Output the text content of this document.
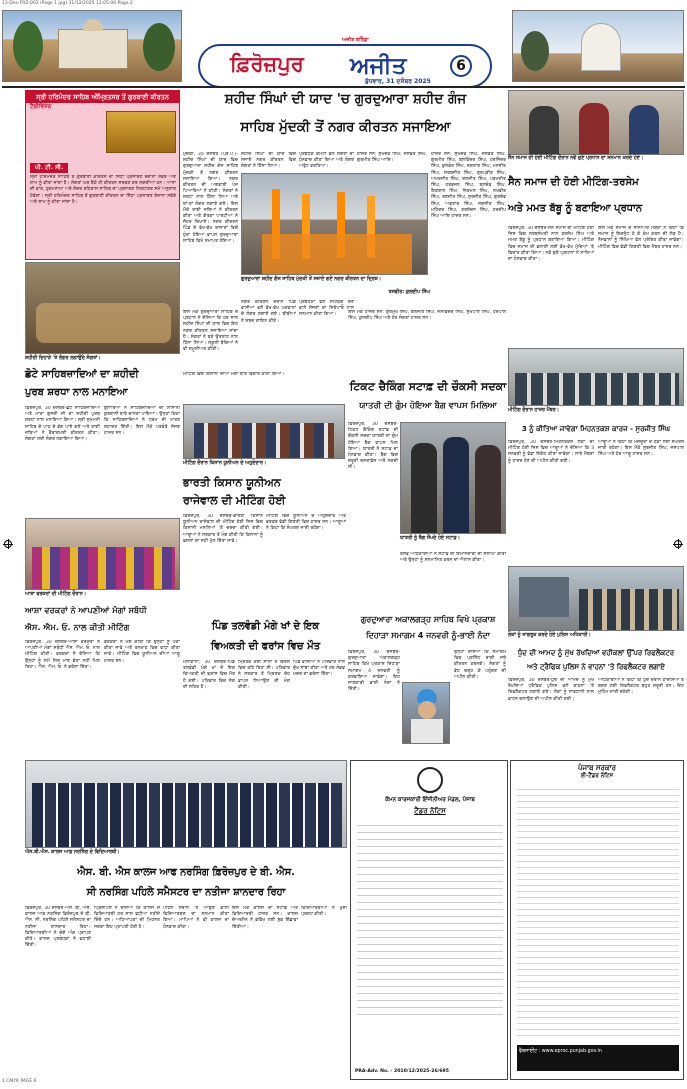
13-Dec-FRZ-003 (Page 1 jpg) 31/12/2025 12:05:00 Page 2
ਫ਼ਿਰੋਜ਼ਪੁਰ ਅਜੀਤ
ਅਜੀਤ ਬਠਿੰਡਾ
ਬੁੱਧਵਾਰ, 31 ਦਸੰਬਰ 2025
6
ਸ੍ਰੀ ਹਰਿਮੰਦਰ ਸਾਹਿਬ ਅੰਮ੍ਰਿਤਸਰ ਤੋਂ ਗੁਰਬਾਣੀ ਕੀਰਤਨ
ਟੈਲੀਵਿਜ਼ਨ
ਪੀ. ਟੀ. ਸੀ.
ਸ੍ਰੀ ਹਰਿਮੰਦਰ ਸਾਹਿਬ ਤੋਂ ਗੁਰਬਾਣੀ ਕੀਰਤਨ ਦਾ ਸਿੱਧਾ ਪ੍ਰਸਾਰਣ ਰੋਜ਼ਾਨਾ ਸਵੇਰੇ ਅਤੇ ਸ਼ਾਮ ਨੂੰ ਕੀਤਾ ਜਾਂਦਾ ਹੈ। ਸੰਗਤਾਂ ਘਰ ਬੈਠੇ ਹੀ ਕੀਰਤਨ ਸਰਵਣ ਕਰ ਸਕਦੀਆਂ ਹਨ। ਆਸਾ ਦੀ ਵਾਰ, ਹੁਕਮਨਾਮਾ ਅਤੇ ਸੋਦਰ ਰਹਿਰਾਸ ਸਾਹਿਬ ਦਾ ਪ੍ਰਸਾਰਣ ਨਿਰਧਾਰਤ ਸਮੇਂ ਅਨੁਸਾਰ ਹੋਵੇਗਾ। ਸ੍ਰੀ ਹਰਿਮੰਦਰ ਸਾਹਿਬ ਤੋਂ ਗੁਰਬਾਣੀ ਕੀਰਤਨ ਦਾ ਸਿੱਧਾ ਪ੍ਰਸਾਰਣ ਰੋਜ਼ਾਨਾ ਸਵੇਰੇ ਅਤੇ ਸ਼ਾਮ ਨੂੰ ਕੀਤਾ ਜਾਂਦਾ ਹੈ।
ਸ਼ਹੀਦ ਸਿੰਘਾਂ ਦੀ ਯਾਦ 'ਚ ਗੁਰਦੁਆਰਾ ਸ਼ਹੀਦ ਗੰਜ
ਸਾਹਿਬ ਮੁੱਦਕੀ ਤੋਂ ਨਗਰ ਕੀਰਤਨ ਸਜਾਇਆ
ਮੁੱਦਕੀ, 30 ਦਸੰਬਰ (ਪ੍ਰ.ਪ.)-ਸ਼ਹੀਦ ਸਿੰਘਾਂ ਦੀ ਯਾਦ ਵਿਚ ਗੁਰਦੁਆਰਾ ਸ਼ਹੀਦ ਗੰਜ ਸਾਹਿਬ ਮੁੱਦਕੀ ਤੋਂ ਨਗਰ ਕੀਰਤਨ ਸਜਾਇਆ ਗਿਆ। ਨਗਰ ਕੀਰਤਨ ਦੀ ਅਗਵਾਈ ਪੰਜ ਪਿਆਰਿਆਂ ਨੇ ਕੀਤੀ। ਸੰਗਤਾਂ ਨੇ ਸ਼ਰਧਾ ਨਾਲ ਹਿੱਸਾ ਲਿਆ ਅਤੇ ਥਾਂ-ਥਾਂ ਲੰਗਰ ਲਗਾਏ ਗਏ। ਇਸ ਮੌਕੇ ਰਾਗੀ ਜਥਿਆਂ ਨੇ ਕੀਰਤਨ ਕੀਤਾ ਅਤੇ ਗੱਤਕਾ ਪਾਰਟੀਆਂ ਨੇ ਜੌਹਰ ਦਿਖਾਏ। ਨਗਰ ਕੀਰਤਨ ਪਿੰਡ ਦੇ ਵੱਖ-ਵੱਖ ਬਾਜ਼ਾਰਾਂ ਵਿਚੋਂ ਹੁੰਦਾ ਹੋਇਆ ਵਾਪਸ ਗੁਰਦੁਆਰਾ ਸਾਹਿਬ ਵਿਖੇ ਸਮਾਪਤ ਹੋਇਆ।
ਸ਼ਹੀਦ ਸਿੰਘਾਂ ਦੀ ਯਾਦ ਵਿਚ ਸਜਾਏ ਨਗਰ ਕੀਰਤਨ ਵਿਚ ਸੰਗਤਾਂ ਨੇ ਹਿੱਸਾ ਲਿਆ।
ਪ੍ਰਬੰਧਕ ਕਮੇਟੀ ਵਲੋਂ ਸੰਗਤਾਂ ਦਾ ਧੰਨਵਾਦ ਕੀਤਾ ਗਿਆ ਅਤੇ ਲੰਗਰ ਅਤੁੱਟ ਵਰਤਿਆ।
ਗੁਰਦੁਆਰਾ ਸ਼ਹੀਦ ਗੰਜ ਸਾਹਿਬ ਮੁੱਦਕੀ ਤੋਂ ਸਜਾਏ ਗਏ ਨਗਰ ਕੀਰਤਨ ਦਾ ਦ੍ਰਿਸ਼।
ਤਸਵੀਰ: ਕੁਲਦੀਪ ਸਿੰਘ
ਇਸ ਮੌਕੇ ਗੁਰਦੁਆਰਾ ਸਾਹਿਬ ਦੇ ਪ੍ਰਧਾਨ ਨੇ ਦੱਸਿਆ ਕਿ ਹਰ ਸਾਲ ਸ਼ਹੀਦ ਸਿੰਘਾਂ ਦੀ ਯਾਦ ਵਿਚ ਇਹ ਨਗਰ ਕੀਰਤਨ ਸਜਾਇਆ ਜਾਂਦਾ ਹੈ। ਸੰਗਤਾਂ ਨੇ ਬੜੇ ਉਤਸ਼ਾਹ ਨਾਲ ਹਿੱਸਾ ਲਿਆ। ਸਕੂਲੀ ਬੱਚਿਆਂ ਨੇ ਵੀ ਸ਼ਮੂਲੀਅਤ ਕੀਤੀ।
ਨਗਰ ਕੀਰਤਨ ਦੌਰਾਨ ਪਿੰਡ ਵਾਸੀਆਂ ਵਲੋਂ ਵੱਖ-ਵੱਖ ਪਕਵਾਨਾਂ ਦੇ ਲੰਗਰ ਲਗਾਏ ਗਏ। ਬੀਬੀਆਂ ਨੇ ਸ਼ਬਦ ਗਾਇਨ ਕੀਤੇ।
ਪ੍ਰਬੰਧਕਾਂ ਵਲੋਂ ਸਹਿਯੋਗ ਦੇਣ ਵਾਲੇ ਸੱਜਣਾਂ ਦਾ ਸਿਰੋਪਾਓ ਨਾਲ ਸਨਮਾਨ ਕੀਤਾ ਗਿਆ।
ਹਾਜ਼ਰ ਸਨ: ਸੁਖਦੇਵ ਸਿੰਘ, ਜਸਵੰਤ ਸਿੰਘ, ਗੁਰਮੀਤ ਸਿੰਘ ਆਦਿ।
ਹਾਜ਼ਰ ਸਨ: ਸੁਖਦੇਵ ਸਿੰਘ, ਜਸਵੰਤ ਸਿੰਘ, ਗੁਰਮੀਤ ਸਿੰਘ, ਬਲਵਿੰਦਰ ਸਿੰਘ, ਹਰਜਿੰਦਰ ਸਿੰਘ, ਕੁਲਵੰਤ ਸਿੰਘ, ਜਗਤਾਰ ਸਿੰਘ, ਮਨਜੀਤ ਸਿੰਘ, ਸਰਬਜੀਤ ਸਿੰਘ, ਗੁਰਪ੍ਰੀਤ ਸਿੰਘ, ਅਮਰਜੀਤ ਸਿੰਘ, ਦਲਜੀਤ ਸਿੰਘ, ਪਰਮਜੀਤ ਸਿੰਘ, ਹਰਭਜਨ ਸਿੰਘ, ਬਲਦੇਵ ਸਿੰਘ, ਇਕਬਾਲ ਸਿੰਘ, ਨਿਰਮਲ ਸਿੰਘ, ਲਖਵੀਰ ਸਿੰਘ, ਰਣਜੀਤ ਸਿੰਘ, ਸੁਰਜੀਤ ਸਿੰਘ, ਗੁਰਦੇਵ ਸਿੰਘ, ਅਵਤਾਰ ਸਿੰਘ, ਜਗਜੀਤ ਸਿੰਘ, ਮਹਿੰਦਰ ਸਿੰਘ, ਤਰਲੋਚਨ ਸਿੰਘ, ਹਰਦੀਪ ਸਿੰਘ ਆਦਿ ਹਾਜ਼ਰ ਸਨ।
ਸੈਨ ਸਮਾਜ ਦੀ ਹੋਈ ਮੀਟਿੰਗ ਦੌਰਾਨ ਨਵੇਂ ਚੁਣੇ ਪ੍ਰਧਾਨ ਦਾ ਸਨਮਾਨ ਕਰਦੇ ਹੋਏ।
ਸੈਨ ਸਮਾਜ ਦੀ ਹੋਈ ਮੀਟਿੰਗ-ਤਰਸੇਮ
ਅਤੇ ਮਮਤ ਬੱਬੂ ਨੂੰ ਬਣਾਇਆ ਪ੍ਰਧਾਨ
ਫ਼ਿਰੋਜ਼ਪੁਰ, 30 ਦਸੰਬਰ-ਸੈਨ ਸਮਾਜ ਦੀ ਮੀਟਿੰਗ ਹੋਈ ਜਿਸ ਵਿਚ ਸਰਬਸੰਮਤੀ ਨਾਲ ਤਰਸੇਮ ਸਿੰਘ ਅਤੇ ਮਮਤ ਬੱਬੂ ਨੂੰ ਪ੍ਰਧਾਨ ਬਣਾਇਆ ਗਿਆ। ਮੀਟਿੰਗ ਵਿਚ ਸਮਾਜ ਦੀ ਭਲਾਈ ਲਈ ਵੱਖ-ਵੱਖ ਮੁੱਦਿਆਂ 'ਤੇ ਵਿਚਾਰ ਕੀਤਾ ਗਿਆ। ਨਵੇਂ ਚੁਣੇ ਪ੍ਰਧਾਨਾਂ ਨੇ ਸਾਰਿਆਂ ਦਾ ਧੰਨਵਾਦ ਕੀਤਾ।
ਇਸ ਮੌਕੇ ਸਮਾਜ ਦੇ ਸੀਨੀਅਰ ਮੈਂਬਰਾਂ ਨੇ ਕਿਹਾ ਕਿ ਸਮਾਜ ਨੂੰ ਇਕਜੁੱਟ ਹੋ ਕੇ ਕੰਮ ਕਰਨ ਦੀ ਲੋੜ ਹੈ। ਨੌਜਵਾਨਾਂ ਨੂੰ ਸਿੱਖਿਆ ਵੱਲ ਪ੍ਰੇਰਿਤ ਕੀਤਾ ਜਾਵੇਗਾ। ਮੀਟਿੰਗ ਵਿਚ ਵੱਡੀ ਗਿਣਤੀ ਵਿਚ ਮੈਂਬਰ ਹਾਜ਼ਰ ਸਨ।
ਸ਼ਹੀਦੀ ਦਿਹਾੜੇ 'ਤੇ ਲੰਗਰ ਲਗਾਉਂਦੇ ਸੰਗਤਾਂ।
ਛੋਟੇ ਸਾਹਿਬਜ਼ਾਦਿਆਂ ਦਾ ਸ਼ਹੀਦੀ
ਪੁਰਬ ਸ਼ਰਧਾ ਨਾਲ ਮਨਾਇਆ
ਫ਼ਿਰੋਜ਼ਪੁਰ, 30 ਦਸੰਬਰ-ਛੋਟੇ ਸਾਹਿਬਜ਼ਾਦਿਆਂ ਅਤੇ ਮਾਤਾ ਗੁਜਰੀ ਜੀ ਦਾ ਸ਼ਹੀਦੀ ਪੁਰਬ ਸ਼ਰਧਾ ਨਾਲ ਮਨਾਇਆ ਗਿਆ। ਸ੍ਰੀ ਸੁਖਮਨੀ ਸਾਹਿਬ ਦੇ ਪਾਠ ਦੇ ਭੋਗ ਪਾਏ ਗਏ ਅਤੇ ਰਾਗੀ ਜਥਿਆਂ ਨੇ ਵੈਰਾਗਮਈ ਕੀਰਤਨ ਕੀਤਾ। ਸੰਗਤਾਂ ਲਈ ਲੰਗਰ ਲਗਾਇਆ ਗਿਆ।
ਬੁਲਾਰਿਆਂ ਨੇ ਸਾਹਿਬਜ਼ਾਦਿਆਂ ਦੀ ਲਾਸਾਨੀ ਕੁਰਬਾਨੀ ਬਾਰੇ ਚਾਨਣਾ ਪਾਇਆ। ਉਨ੍ਹਾਂ ਕਿਹਾ ਕਿ ਸਾਹਿਬਜ਼ਾਦਿਆਂ ਨੇ ਧਰਮ ਦੀ ਖਾਤਰ ਸ਼ਹਾਦਤ ਦਿੱਤੀ। ਇਸ ਮੌਕੇ ਪਤਵੰਤੇ ਸੱਜਣ ਹਾਜ਼ਰ ਸਨ।
ਮੀਟਿੰਗ ਵਿਚ ਕਿਸਾਨਾਂ ਦੀਆਂ ਮੰਗਾਂ ਬਾਰੇ ਵਿਚਾਰ ਕੀਤਾ ਗਿਆ।
ਮੀਟਿੰਗ ਦੌਰਾਨ ਕਿਸਾਨ ਯੂਨੀਅਨ ਦੇ ਅਹੁਦੇਦਾਰ।
ਭਾਰਤੀ ਕਿਸਾਨ ਯੂਨੀਅਨ
ਰਾਜੇਵਾਲ ਦੀ ਮੀਟਿੰਗ ਹੋਈ
ਫ਼ਿਰੋਜ਼ਪੁਰ, 30 ਦਸੰਬਰ-ਭਾਰਤੀ ਕਿਸਾਨ ਯੂਨੀਅਨ ਰਾਜੇਵਾਲ ਦੀ ਮੀਟਿੰਗ ਹੋਈ ਜਿਸ ਵਿਚ ਕਿਸਾਨੀ ਮਸਲਿਆਂ 'ਤੇ ਚਰਚਾ ਕੀਤੀ ਗਈ। ਆਗੂਆਂ ਨੇ ਸਰਕਾਰ ਤੋਂ ਮੰਗ ਕੀਤੀ ਕਿ ਕਿਸਾਨਾਂ ਨੂੰ ਫ਼ਸਲਾਂ ਦਾ ਸਹੀ ਮੁੱਲ ਦਿੱਤਾ ਜਾਵੇ।
ਮੀਟਿੰਗ ਵਿਚ ਯੂਨੀਅਨ ਦੇ ਅਹੁਦੇਦਾਰ ਅਤੇ ਵਰਕਰ ਵੱਡੀ ਗਿਣਤੀ ਵਿਚ ਹਾਜ਼ਰ ਸਨ। ਆਗੂਆਂ ਨੇ ਕਿਹਾ ਕਿ ਸੰਘਰਸ਼ ਜਾਰੀ ਰਹੇਗਾ।
ਇਸ ਮੌਕੇ ਹਾਜ਼ਰ ਸਨ: ਗੁਰਮੁੱਖ ਸਿੰਘ, ਬਲਜੀਤ ਸਿੰਘ, ਜਸਵਿੰਦਰ ਸਿੰਘ, ਸੁਖਪਾਲ ਸਿੰਘ, ਹਰਪਾਲ ਸਿੰਘ, ਕੁਲਦੀਪ ਸਿੰਘ ਅਤੇ ਹੋਰ ਸੰਗਤਾਂ ਹਾਜ਼ਰ ਸਨ।
ਟਿਕਟ ਚੈਕਿੰਗ ਸਟਾਫ਼ ਦੀ ਚੌਕਸੀ ਸਦਕਾ
ਯਾਤਰੀ ਦੀ ਗੁੰਮ ਹੋਇਆ ਬੈਗ ਵਾਪਸ ਮਿਲਿਆ
ਫ਼ਿਰੋਜ਼ਪੁਰ, 30 ਦਸੰਬਰ-ਟਿਕਟ ਚੈਕਿੰਗ ਸਟਾਫ਼ ਦੀ ਚੌਕਸੀ ਸਦਕਾ ਯਾਤਰੀ ਦਾ ਗੁੰਮ ਹੋਇਆ ਬੈਗ ਵਾਪਸ ਮਿਲ ਗਿਆ। ਯਾਤਰੀ ਨੇ ਸਟਾਫ਼ ਦਾ ਧੰਨਵਾਦ ਕੀਤਾ। ਬੈਗ ਵਿਚ ਜ਼ਰੂਰੀ ਦਸਤਾਵੇਜ਼ ਅਤੇ ਨਕਦੀ ਸੀ।
ਯਾਤਰੀ ਨੂੰ ਬੈਗ ਸੌਂਪਦੇ ਹੋਏ ਸਟਾਫ਼।
ਰੇਲਵੇ ਅਧਿਕਾਰੀਆਂ ਨੇ ਸਟਾਫ਼ ਦੀ ਇਮਾਨਦਾਰੀ ਦੀ ਸ਼ਲਾਘਾ ਕੀਤੀ ਅਤੇ ਉਨ੍ਹਾਂ ਨੂੰ ਸਨਮਾਨਿਤ ਕਰਨ ਦਾ ਐਲਾਨ ਕੀਤਾ।
ਮੀਟਿੰਗ ਦੌਰਾਨ ਹਾਜ਼ਰ ਮੈਂਬਰ।
3 ਨੂੰ ਕੀਤਿਆ ਜਾਵੇਗਾ ਮਿਹਨਤਕਸ਼ ਕਾਰਜ - ਸੁਰਜੀਤ ਸਿੰਘ
ਫ਼ਿਰੋਜ਼ਪੁਰ, 30 ਦਸੰਬਰ-ਮਿਹਨਤਕਸ਼ ਲੋਕਾਂ ਦੀ ਮੀਟਿੰਗ ਹੋਈ ਜਿਸ ਵਿਚ ਆਗੂਆਂ ਨੇ ਦੱਸਿਆ ਕਿ 3 ਜਨਵਰੀ ਨੂੰ ਵੱਡਾ ਇਕੱਠ ਕੀਤਾ ਜਾਵੇਗਾ। ਸਾਰੇ ਮੈਂਬਰਾਂ ਨੂੰ ਹਾਜ਼ਰ ਹੋਣ ਦੀ ਅਪੀਲ ਕੀਤੀ ਗਈ।
ਆਗੂਆਂ ਨੇ ਕਿਹਾ ਕਿ ਮਜ਼ਦੂਰਾਂ ਦੇ ਹੱਕਾਂ ਲਈ ਸੰਘਰਸ਼ ਜਾਰੀ ਰਹੇਗਾ। ਇਸ ਮੌਕੇ ਸੁਰਜੀਤ ਸਿੰਘ, ਜਸਪਾਲ ਸਿੰਘ ਅਤੇ ਹੋਰ ਆਗੂ ਹਾਜ਼ਰ ਸਨ।
ਆਸ਼ਾ ਵਰਕਰਾਂ ਦੀ ਮੀਟਿੰਗ ਦੌਰਾਨ।
ਆਸ਼ਾ ਵਰਕਰਾਂ ਨੇ ਆਪਣੀਆਂ ਮੰਗਾਂ ਸਬੰਧੀ
ਐਸ. ਐਮ. ਓ. ਨਾਲ ਕੀਤੀ ਮੀਟਿੰਗ
ਫ਼ਿਰੋਜ਼ਪੁਰ, 30 ਦਸੰਬਰ-ਆਸ਼ਾ ਵਰਕਰਾਂ ਨੇ ਆਪਣੀਆਂ ਮੰਗਾਂ ਸਬੰਧੀ ਐਸ. ਐਮ. ਓ. ਨਾਲ ਮੀਟਿੰਗ ਕੀਤੀ। ਵਰਕਰਾਂ ਨੇ ਦੱਸਿਆ ਕਿ ਉਨ੍ਹਾਂ ਨੂੰ ਸਮੇਂ ਸਿਰ ਮਾਣ ਭੱਤਾ ਨਹੀਂ ਮਿਲ ਰਿਹਾ। ਐਸ. ਐਮ. ਓ. ਨੇ ਭਰੋਸਾ ਦਿੱਤਾ।
ਵਰਕਰਾਂ ਨੇ ਮੰਗ ਕੀਤੀ ਕਿ ਉਨ੍ਹਾਂ ਨੂੰ ਪੱਕਾ ਕੀਤਾ ਜਾਵੇ ਅਤੇ ਤਨਖ਼ਾਹ ਵਿਚ ਵਾਧਾ ਕੀਤਾ ਜਾਵੇ। ਮੀਟਿੰਗ ਵਿਚ ਯੂਨੀਅਨ ਦੀਆਂ ਆਗੂ ਹਾਜ਼ਰ ਸਨ।
ਪਿੰਡ ਤਲਵੰਡੀ ਮੰਗੇ ਖਾਂ ਦੇ ਇਕ
ਵਿਅਕਤੀ ਦੀ ਫਰਾਂਸ ਵਿਚ ਮੌਤ
ਮੱਲਾਂਵਾਲਾ, 30 ਦਸੰਬਰ-ਪਿੰਡ ਤਲਵੰਡੀ ਮੰਗੇ ਖਾਂ ਦੇ ਇਕ ਵਿਅਕਤੀ ਦੀ ਫਰਾਂਸ ਵਿਚ ਮੌਤ ਹੋ ਗਈ। ਪਰਿਵਾਰ ਵਿਚ ਸੋਗ ਦੀ ਲਹਿਰ ਹੈ।
ਮ੍ਰਿਤਕ ਕਈ ਸਾਲਾਂ ਤੋਂ ਵਿਦੇਸ਼ ਵਿਚ ਰਹਿ ਰਿਹਾ ਸੀ। ਪਰਿਵਾਰ ਨੇ ਸਰਕਾਰ ਤੋਂ ਮ੍ਰਿਤਕ ਦੇਹ ਵਾਪਸ ਲਿਆਉਣ ਦੀ ਮੰਗ ਕੀਤੀ।
ਪਿੰਡ ਵਾਸੀਆਂ ਨੇ ਪਰਿਵਾਰ ਨਾਲ ਦੁੱਖ ਸਾਂਝਾ ਕੀਤਾ ਅਤੇ ਹਰ ਸੰਭਵ ਮਦਦ ਦਾ ਭਰੋਸਾ ਦਿੱਤਾ।
ਗੁਰਦੁਆਰਾ ਅਕਾਲਗੜ੍ਹ ਸਾਹਿਬ ਵਿਖੇ ਪ੍ਰਕਾਸ਼
ਦਿਹਾੜਾ ਸਮਾਗਮ 4 ਜਨਵਰੀ ਨੂੰ-ਭਾਈ ਨੰਦਾ
ਫ਼ਿਰੋਜ਼ਪੁਰ, 30 ਦਸੰਬਰ-ਗੁਰਦੁਆਰਾ ਅਕਾਲਗੜ੍ਹ ਸਾਹਿਬ ਵਿਖੇ ਪ੍ਰਕਾਸ਼ ਦਿਹਾੜਾ ਸਮਾਗਮ 4 ਜਨਵਰੀ ਨੂੰ ਕਰਵਾਇਆ ਜਾਵੇਗਾ। ਇਹ ਜਾਣਕਾਰੀ ਭਾਈ ਨੰਦਾ ਨੇ ਦਿੱਤੀ।
ਉਨ੍ਹਾਂ ਦੱਸਿਆ ਕਿ ਸਮਾਗਮ ਵਿਚ ਪ੍ਰਸਿੱਧ ਰਾਗੀ ਜਥੇ ਕੀਰਤਨ ਕਰਨਗੇ। ਸੰਗਤਾਂ ਨੂੰ ਵੱਧ ਚੜ੍ਹ ਕੇ ਪਹੁੰਚਣ ਦੀ ਅਪੀਲ ਕੀਤੀ।
ਲੋਕਾਂ ਨੂੰ ਜਾਗਰੂਕ ਕਰਦੇ ਹੋਏ ਪੁਲਿਸ ਅਧਿਕਾਰੀ।
ਧੁੰਦ ਦੀ ਆਮਦ ਨੂੰ ਮੁੱਖ ਰੱਖਦਿਆਂ ਵਹੀਕਲਾਂ ਉੱਪਰ ਰਿਫਲੈਕਟਰ
ਅਤੇ ਟ੍ਰੈਫਿਕ ਪੁਲਿਸ ਨੇ ਵਾਹਨਾਂ 'ਤੇ ਰਿਫਲੈਕਟਰ ਲਗਾਏ
ਫ਼ਿਰੋਜ਼ਪੁਰ, 30 ਦਸੰਬਰ-ਧੁੰਦ ਦੀ ਆਮਦ ਨੂੰ ਮੁੱਖ ਰੱਖਦਿਆਂ ਟ੍ਰੈਫਿਕ ਪੁਲਿਸ ਵਲੋਂ ਵਾਹਨਾਂ 'ਤੇ ਰਿਫਲੈਕਟਰ ਲਗਾਏ ਗਏ। ਲੋਕਾਂ ਨੂੰ ਸਾਵਧਾਨੀ ਨਾਲ ਵਾਹਨ ਚਲਾਉਣ ਦੀ ਅਪੀਲ ਕੀਤੀ ਗਈ।
ਅਧਿਕਾਰੀਆਂ ਨੇ ਕਿਹਾ ਕਿ ਧੁੰਦ ਦੌਰਾਨ ਹਾਦਸਿਆਂ ਤੋਂ ਬਚਣ ਲਈ ਰਿਫਲੈਕਟਰ ਬਹੁਤ ਜ਼ਰੂਰੀ ਹਨ। ਇਹ ਮੁਹਿੰਮ ਜਾਰੀ ਰਹੇਗੀ।
ਐਸ.ਬੀ.ਐਸ. ਕਾਲਜ ਆਫ਼ ਨਰਸਿੰਗ ਦੇ ਵਿਦਿਆਰਥੀ।
ਐਸ. ਬੀ. ਐਸ ਕਾਲਜ ਆਫ ਨਰਸਿੰਗ ਫ਼ਿਰੋਜ਼ਪੁਰ ਦੇ ਬੀ. ਐਸ.
ਸੀ ਨਰਸਿੰਗ ਪਹਿਲੇ ਸਮੈਸਟਰ ਦਾ ਨਤੀਜਾ ਸ਼ਾਨਦਾਰ ਰਿਹਾ
ਫ਼ਿਰੋਜ਼ਪੁਰ, 30 ਦਸੰਬਰ-ਐਸ. ਬੀ. ਐਸ. ਕਾਲਜ ਆਫ਼ ਨਰਸਿੰਗ ਫ਼ਿਰੋਜ਼ਪੁਰ ਦੇ ਬੀ. ਐਸ. ਸੀ. ਨਰਸਿੰਗ ਪਹਿਲੇ ਸਮੈਸਟਰ ਦਾ ਨਤੀਜਾ ਸ਼ਾਨਦਾਰ ਰਿਹਾ। ਵਿਦਿਆਰਥੀਆਂ ਨੇ ਚੰਗੇ ਅੰਕ ਪ੍ਰਾਪਤ ਕੀਤੇ। ਕਾਲਜ ਪ੍ਰਬੰਧਕਾਂ ਨੇ ਵਧਾਈ ਦਿੱਤੀ।
ਪ੍ਰਿੰਸੀਪਲ ਨੇ ਦੱਸਿਆ ਕਿ ਕਾਲਜ ਦੇ ਵਿਦਿਆਰਥੀ ਹਰ ਸਾਲ ਵਧੀਆ ਨਤੀਜੇ ਦਿੰਦੇ ਹਨ। ਅਧਿਆਪਕਾਂ ਦੀ ਮਿਹਨਤ ਸਦਕਾ ਇਹ ਪ੍ਰਾਪਤੀ ਹੋਈ ਹੈ।
ਪਹਿਲੇ ਸਥਾਨ 'ਤੇ ਆਉਣ ਵਾਲੀ ਵਿਦਿਆਰਥਣ ਦਾ ਸਨਮਾਨ ਕੀਤਾ ਗਿਆ। ਮਾਪਿਆਂ ਨੇ ਵੀ ਕਾਲਜ ਦਾ ਧੰਨਵਾਦ ਕੀਤਾ।
ਇਸ ਮੌਕੇ ਕਾਲਜ ਦਾ ਸਟਾਫ਼ ਅਤੇ ਵਿਦਿਆਰਥੀ ਹਾਜ਼ਰ ਸਨ। ਕਾਲਜ ਚੇਅਰਮੈਨ ਨੇ ਭਵਿੱਖ ਲਈ ਸ਼ੁਭ ਇੱਛਾਵਾਂ ਦਿੱਤੀਆਂ।
ਵਿਦਿਆਰਥੀਆਂ ਨੇ ਖੁਸ਼ੀ ਪ੍ਰਗਟ ਕੀਤੀ।
ਕੌਮਨ ਕਾਰਜਕਾਰੀ ਇੰਜੀਨੀਅਰ ਮੰਡਲ, ਪੰਜਾਬ
ਟੈਂਡਰ ਨੋਟਿਸ
PRA-Adv. No. - 2010/12/2025-26/695
ਪੰਜਾਬ ਸਰਕਾਰ
ਈ-ਟੈਂਡਰ ਨੋਟਿਸ
ਵੈਬਸਾਈਟ : www.eproc.punjab.gov.in
1 CMYK PAGE 6
